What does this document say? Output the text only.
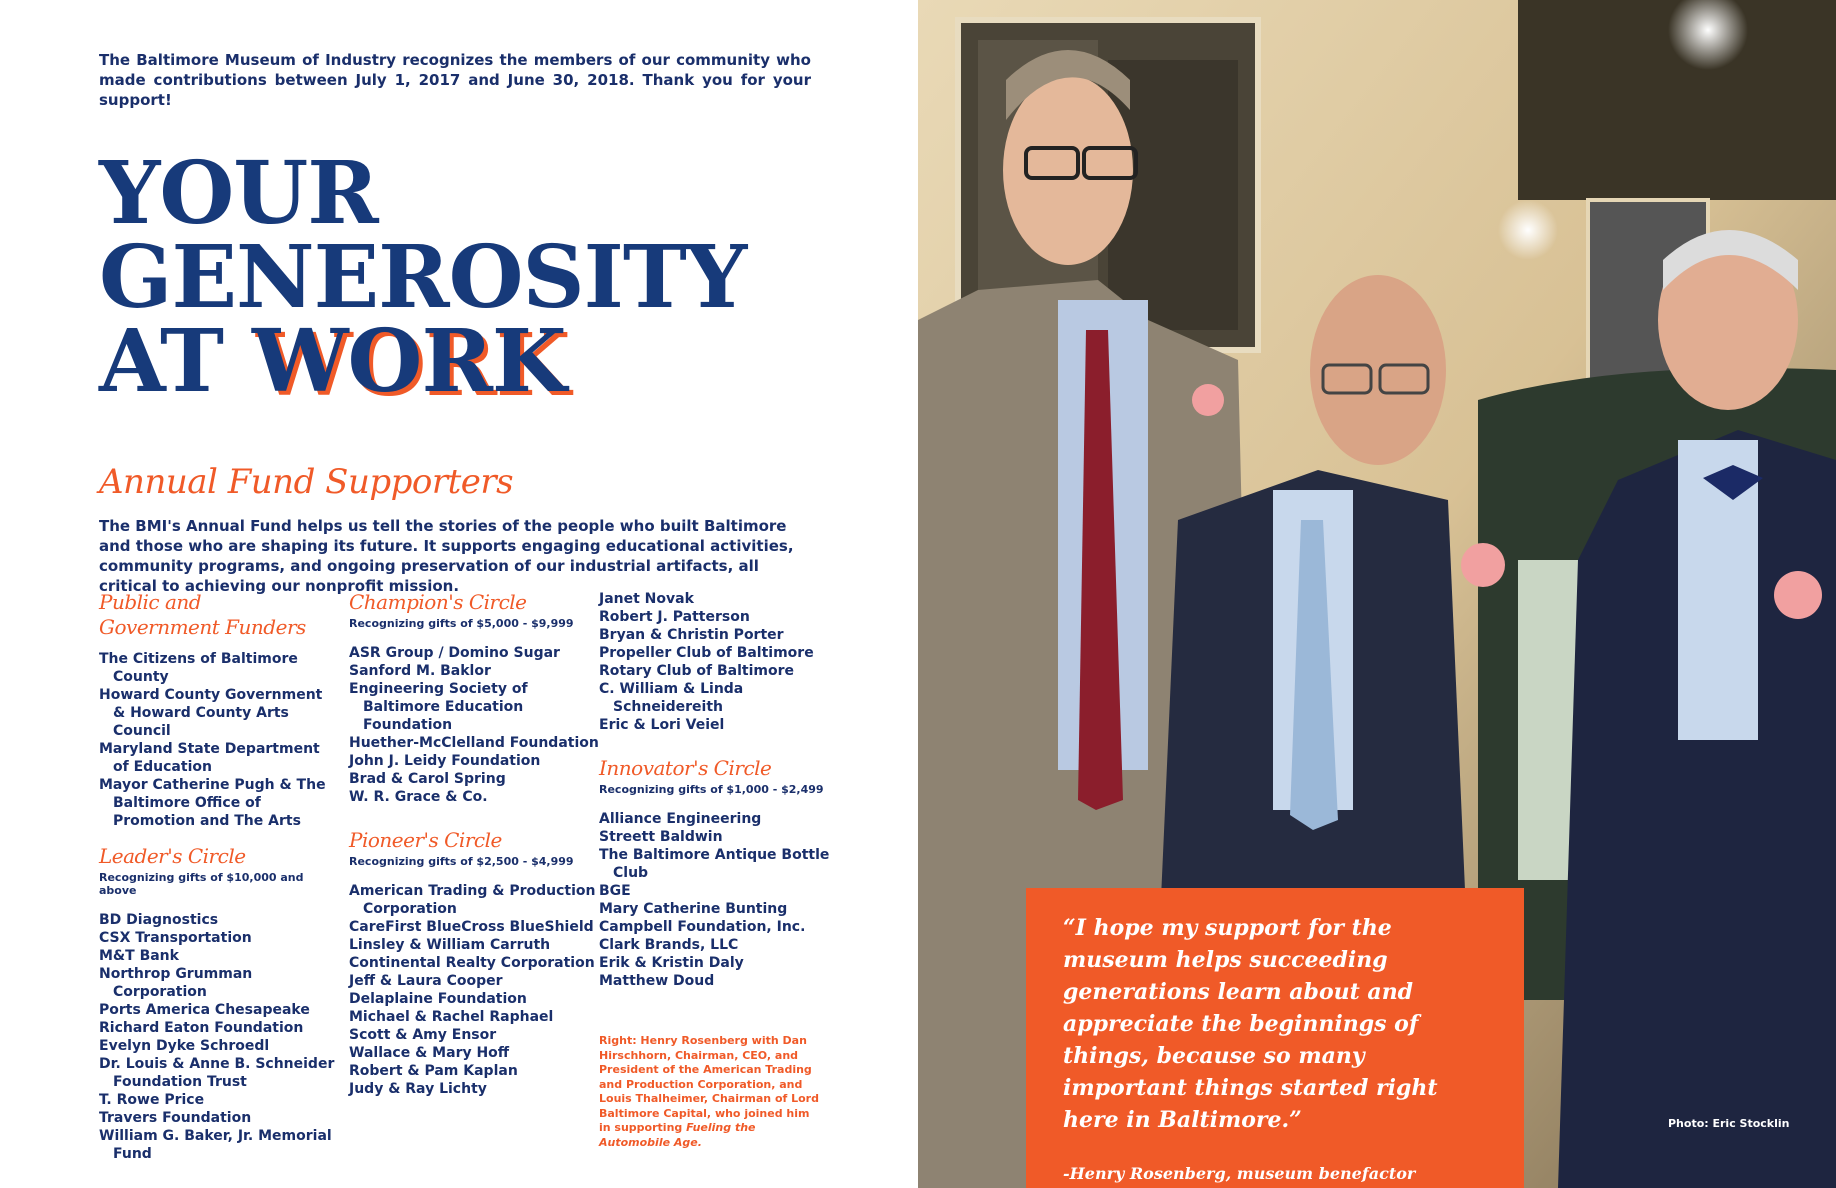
The Baltimore Museum of Industry recognizes the members of our community who made contributions between July 1, 2017 and June 30, 2018. Thank you for your support!

YOUR
GENEROSITY
AT WORK
Annual Fund Supporters

The BMI's Annual Fund helps us tell the stories of the people who built Baltimore and those who are shaping its future. It supports engaging educational activities, community programs, and ongoing preservation of our industrial artifacts, all critical to achieving our nonprofit mission.

Public and
Government Funders

The Citizens of Baltimore County
Howard County Government & Howard County Arts Council
Maryland State Department of Education
Mayor Catherine Pugh & The Baltimore Office of Promotion and The Arts

Leader's Circle

Recognizing gifts of $10,000 and above

BD Diagnostics
CSX Transportation
M&T Bank
Northrop Grumman Corporation
Ports America Chesapeake
Richard Eaton Foundation
Evelyn Dyke Schroedl
Dr. Louis & Anne B. Schneider Foundation Trust
T. Rowe Price
Travers Foundation
William G. Baker, Jr. Memorial Fund

Champion's Circle

Recognizing gifts of $5,000 - $9,999

ASR Group / Domino Sugar
Sanford M. Baklor
Engineering Society of Baltimore Education Foundation
Huether-McClelland Foundation
John J. Leidy Foundation
Brad & Carol Spring
W. R. Grace & Co.

Pioneer's Circle

Recognizing gifts of $2,500 - $4,999

American Trading & Production Corporation
CareFirst BlueCross BlueShield
Linsley & William Carruth
Continental Realty Corporation
Jeff & Laura Cooper
Delaplaine Foundation
Michael & Rachel Raphael
Scott & Amy Ensor
Wallace & Mary Hoff
Robert & Pam Kaplan
Judy & Ray Lichty
Janet Novak
Robert J. Patterson
Bryan & Christin Porter
Propeller Club of Baltimore
Rotary Club of Baltimore
C. William & Linda Schneidereith
Eric & Lori Veiel

Innovator's Circle

Recognizing gifts of $1,000 - $2,499

Alliance Engineering
Streett Baldwin
The Baltimore Antique Bottle Club
BGE
Mary Catherine Bunting
Campbell Foundation, Inc.
Clark Brands, LLC
Erik & Kristin Daly
Matthew Doud

Right: Henry Rosenberg with Dan Hirschhorn, Chairman, CEO, and President of the American Trading and Production Corporation, and Louis Thalheimer, Chairman of Lord Baltimore Capital, who joined him in supporting Fueling the Automobile Age.

“I hope my support for the museum helps succeeding generations learn about and appreciate the beginnings of things, because so many important things started right here in Baltimore.”

-Henry Rosenberg, museum benefactor

Photo: Eric Stocklin
